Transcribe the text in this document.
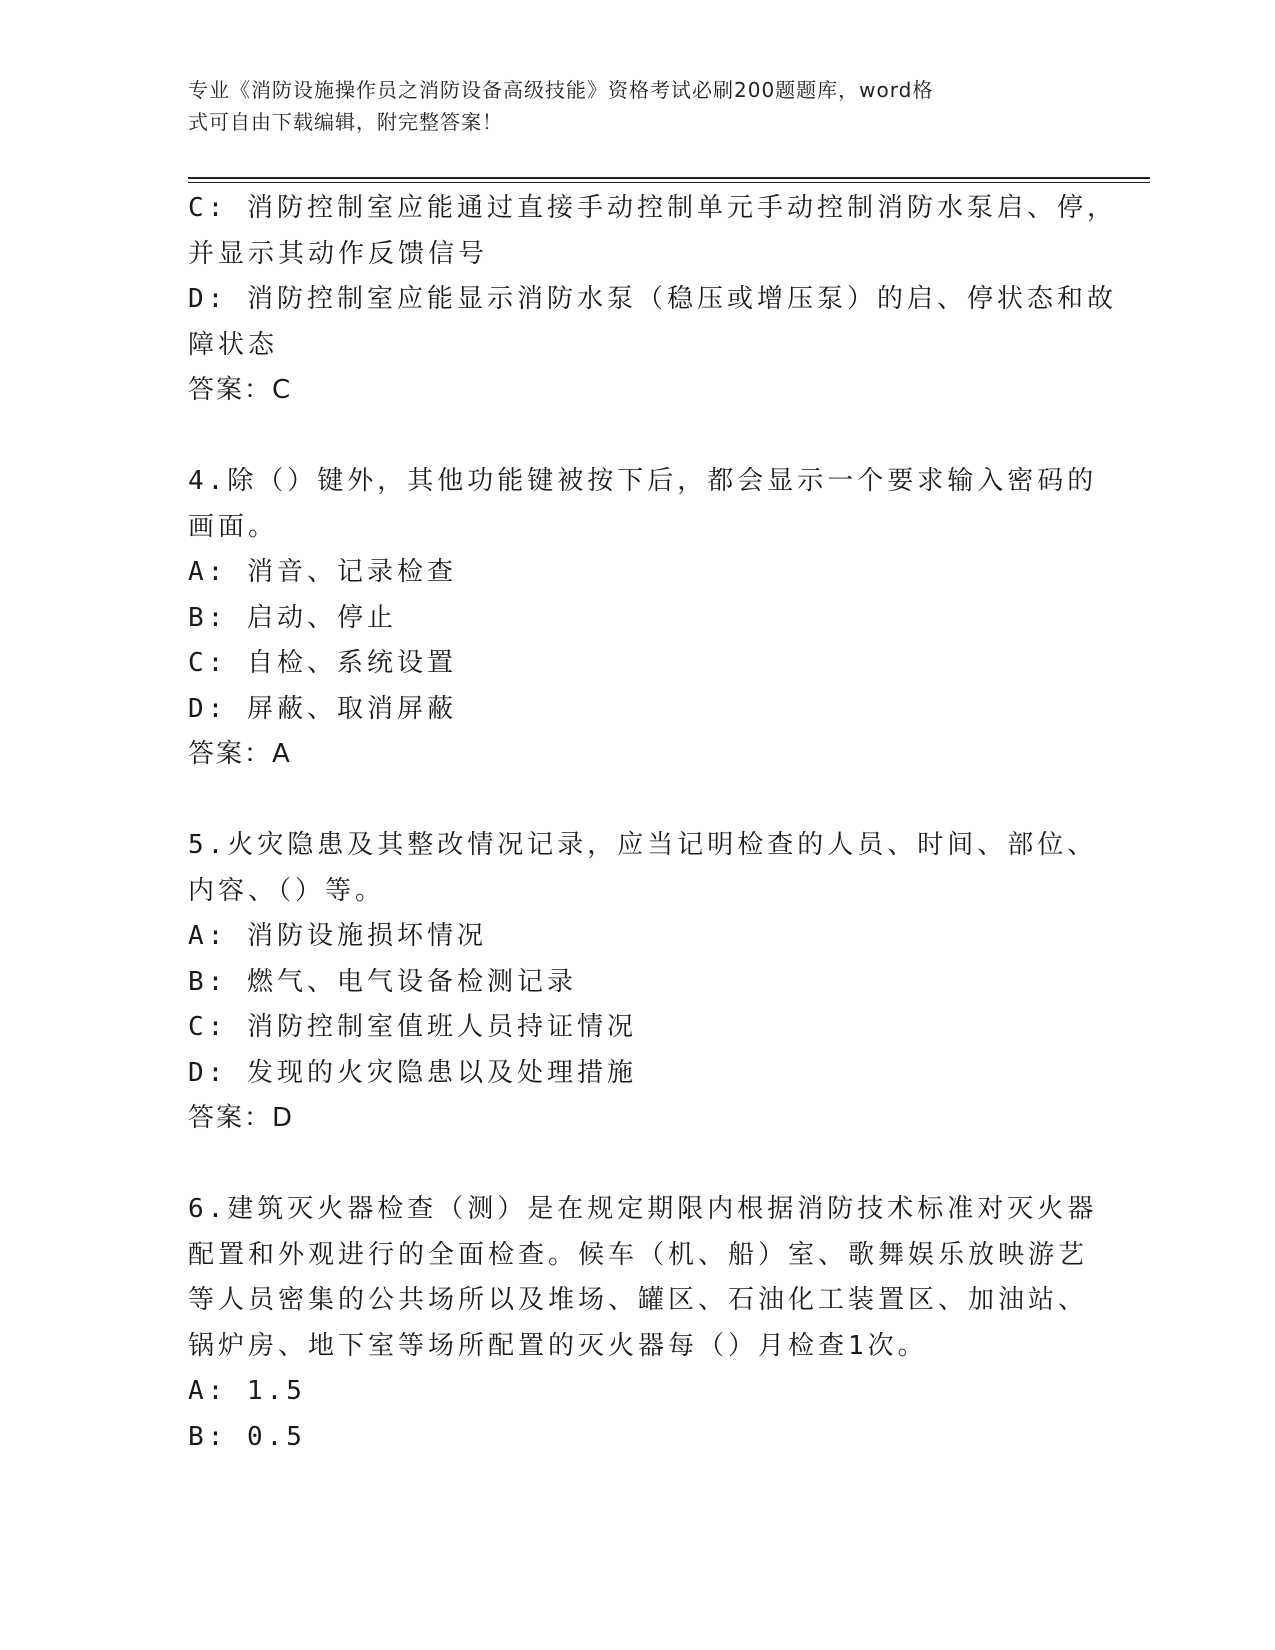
专业《消防设施操作员之消防设备高级技能》资格考试必刷200题题库，word格
式可自由下载编辑，附完整答案！
C: 消防控制室应能通过直接手动控制单元手动控制消防水泵启、停，
并显示其动作反馈信号
D: 消防控制室应能显示消防水泵（稳压或增压泵）的启、停状态和故
障状态
答案：C
4.除（）键外，其他功能键被按下后，都会显示一个要求输入密码的
画面。
A: 消音、记录检查
B: 启动、停止
C: 自检、系统设置
D: 屏蔽、取消屏蔽
答案：A
5.火灾隐患及其整改情况记录，应当记明检查的人员、时间、部位、
内容、（）等。
A: 消防设施损坏情况
B: 燃气、电气设备检测记录
C: 消防控制室值班人员持证情况
D: 发现的火灾隐患以及处理措施
答案：D
6.建筑灭火器检查（测）是在规定期限内根据消防技术标准对灭火器
配置和外观进行的全面检查。候车（机、船）室、歌舞娱乐放映游艺
等人员密集的公共场所以及堆场、罐区、石油化工装置区、加油站、
锅炉房、地下室等场所配置的灭火器每（）月检查1次。
A: 1.5
B: 0.5
